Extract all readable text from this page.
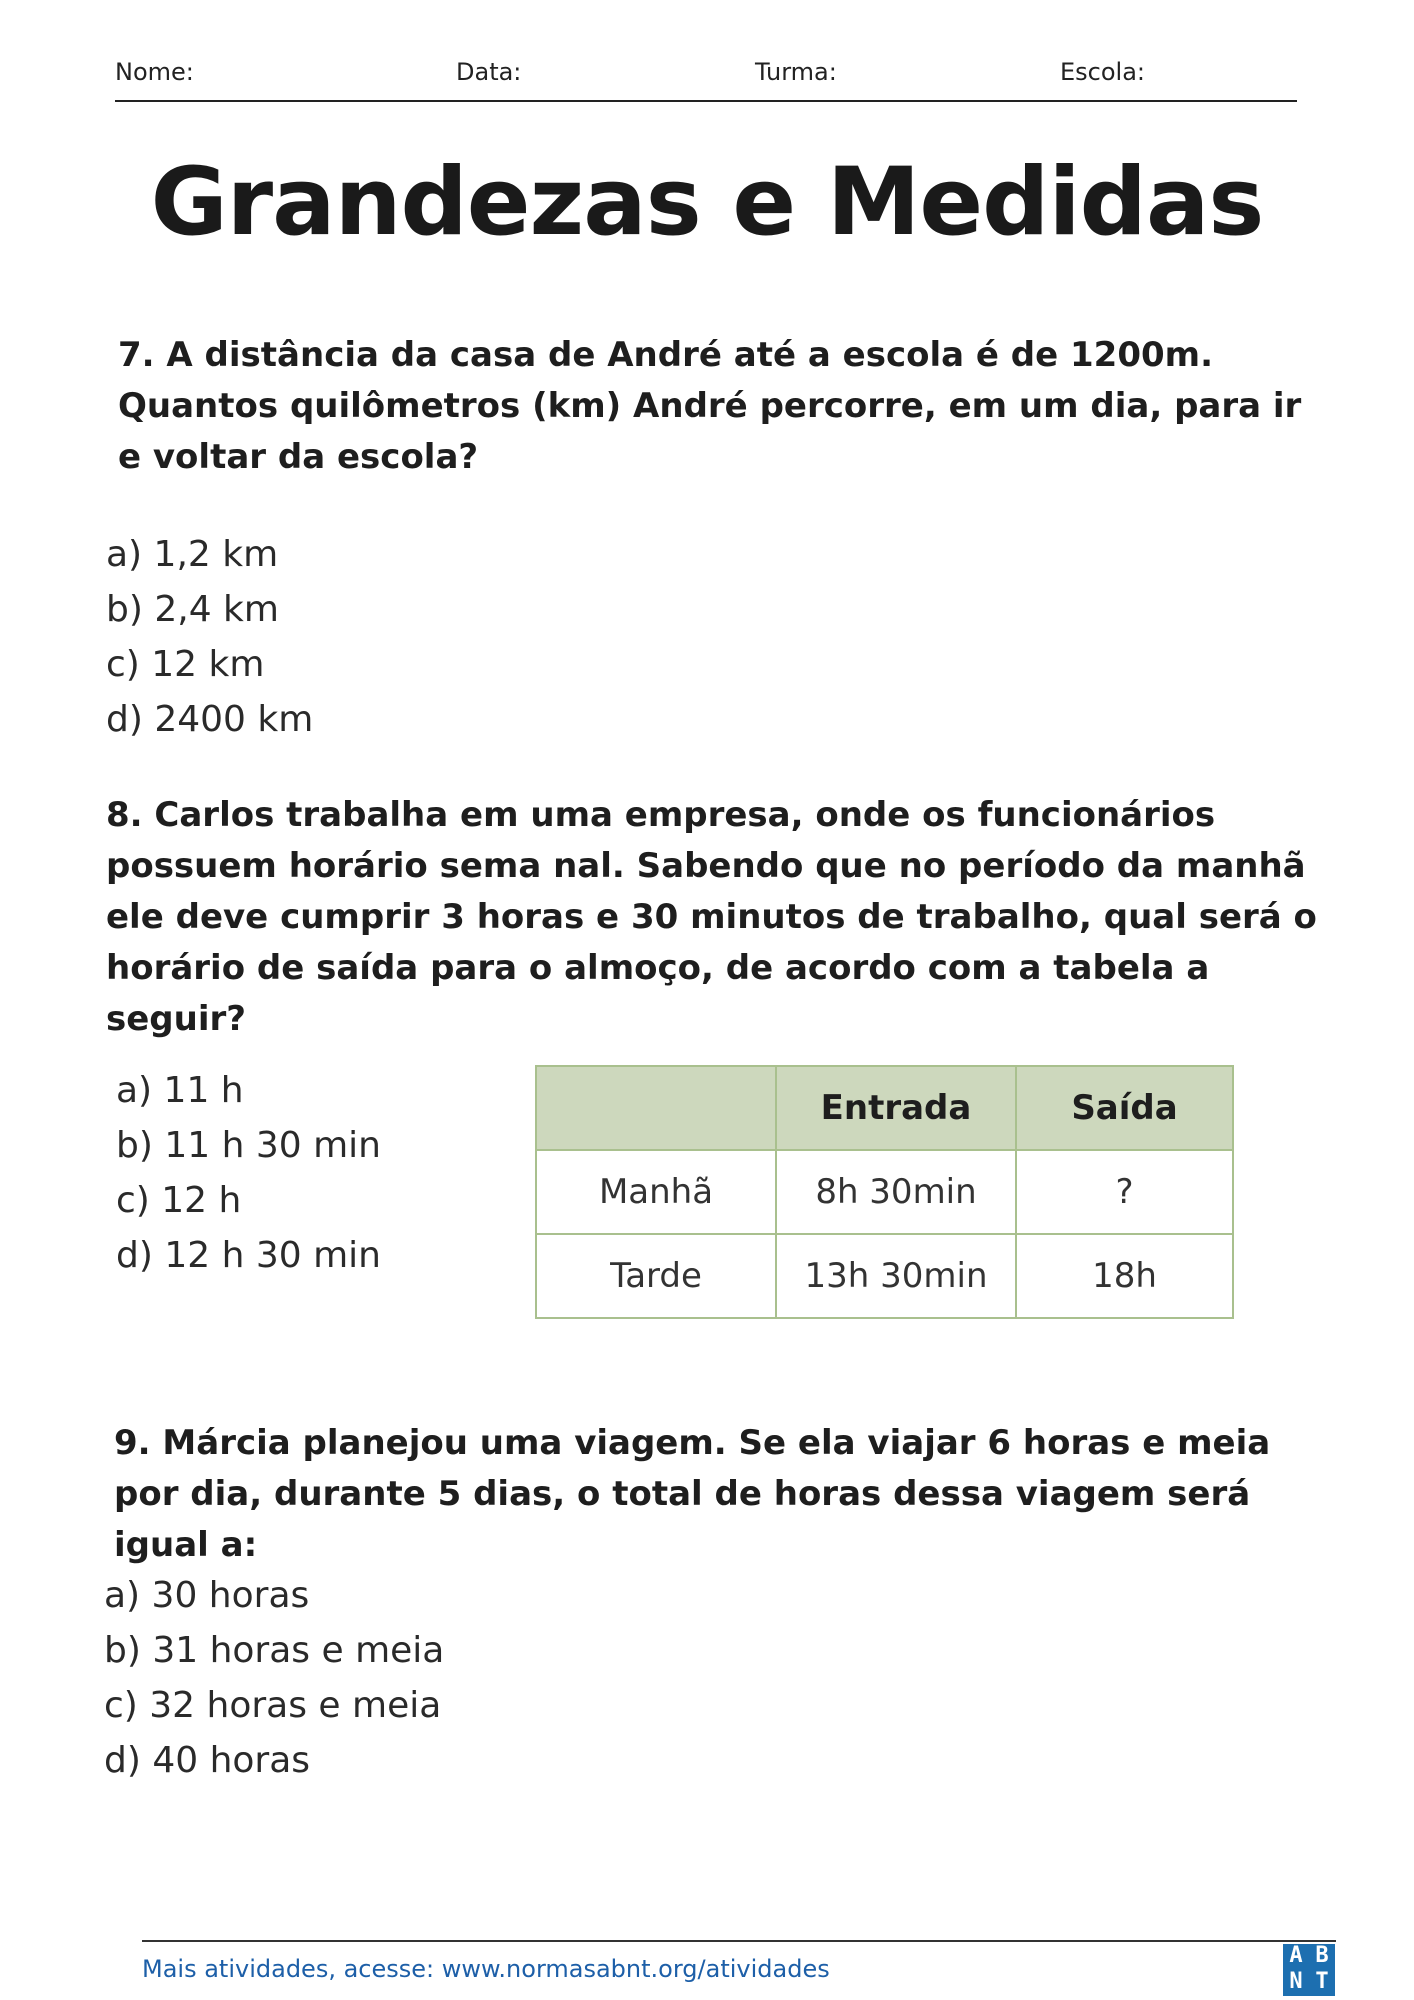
Nome:	Data:	Turma:	Escola:
Grandezas e Medidas
7. A distância da casa de André até a escola é de 1200m. Quantos quilômetros (km) André percorre, em um dia, para ir e voltar da escola?
a) 1,2 km
b) 2,4 km
c) 12 km
d) 2400 km
8. Carlos trabalha em uma empresa, onde os funcionários possuem horário sema nal. Sabendo que no período da manhã ele deve cumprir 3 horas e 30 minutos de trabalho, qual será o horário de saída para o almoço, de acordo com a tabela a seguir?
a) 11 h
b) 11 h 30 min
c) 12 h
d) 12 h 30 min
	Entrada	Saída
Manhã	8h 30min	?
Tarde	13h 30min	18h
9. Márcia planejou uma viagem. Se ela viajar 6 horas e meia por dia, durante 5 dias, o total de horas dessa viagem será igual a:
a) 30 horas
b) 31 horas e meia
c) 32 horas e meia
d) 40 horas
Mais atividades, acesse: www.normasabnt.org/atividades	A B
N T
